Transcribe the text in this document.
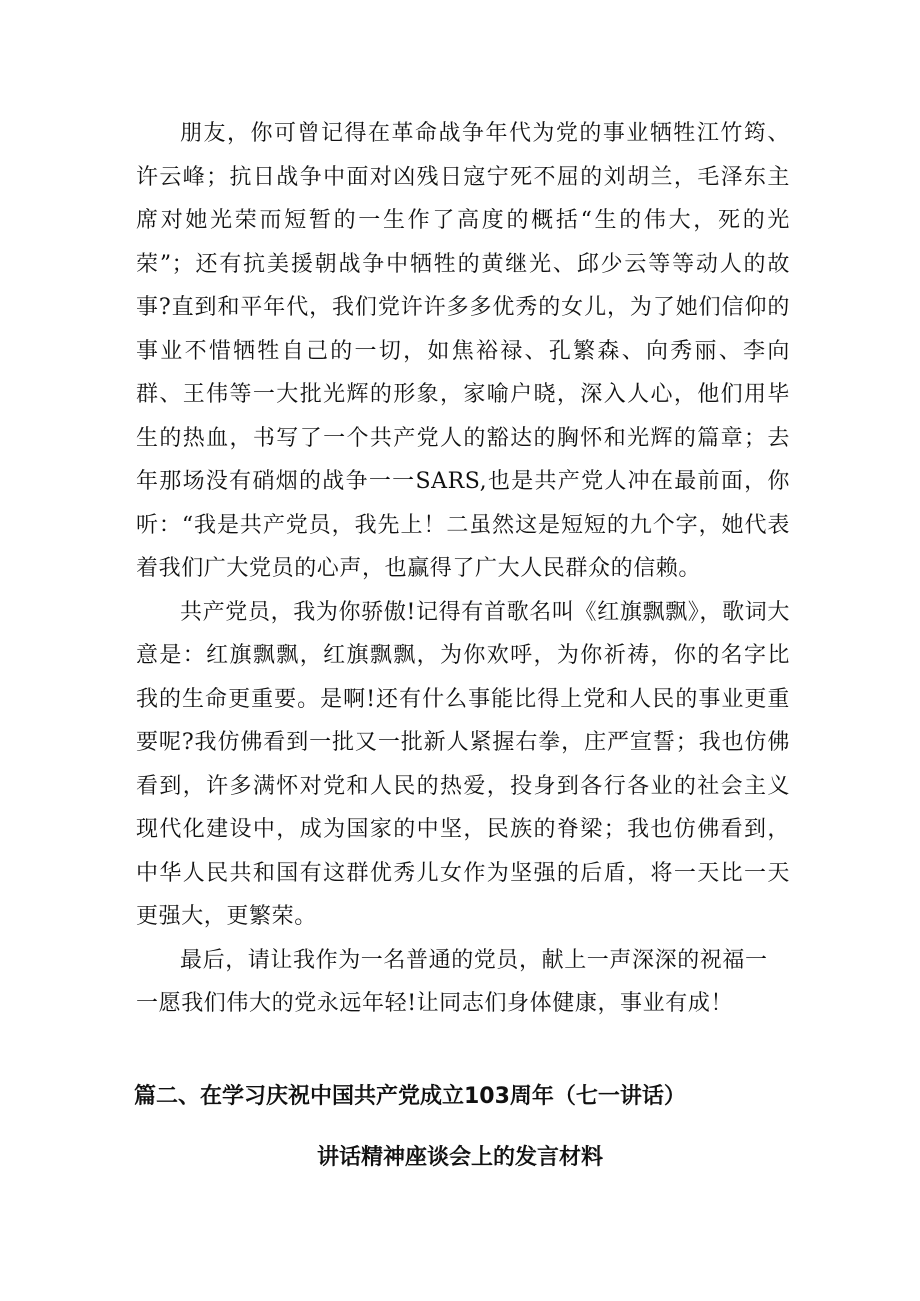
朋友，你可曾记得在革命战争年代为党的事业牺牲江竹筠、许云峰；抗日战争中面对凶残日寇宁死不屈的刘胡兰，毛泽东主席对她光荣而短暂的一生作了高度的概括“生的伟大，死的光荣”；还有抗美援朝战争中牺牲的黄继光、邱少云等等动人的故事?直到和平年代，我们党许许多多优秀的女儿，为了她们信仰的事业不惜牺牲自己的一切，如焦裕禄、孔繁森、向秀丽、李向群、王伟等一大批光辉的形象，家喻户晓，深入人心，他们用毕生的热血，书写了一个共产党人的豁达的胸怀和光辉的篇章；去年那场没有硝烟的战争一一SARS,也是共产党人冲在最前面，你听：“我是共产党员，我先上！二虽然这是短短的九个字，她代表着我们广大党员的心声，也赢得了广大人民群众的信赖。

共产党员，我为你骄傲!记得有首歌名叫《红旗飘飘》，歌词大意是：红旗飘飘，红旗飘飘，为你欢呼，为你祈祷，你的名字比我的生命更重要。是啊!还有什么事能比得上党和人民的事业更重要呢?我仿佛看到一批又一批新人紧握右拳，庄严宣誓；我也仿佛看到，许多满怀对党和人民的热爱，投身到各行各业的社会主义现代化建设中，成为国家的中坚，民族的脊梁；我也仿佛看到，中华人民共和国有这群优秀儿女作为坚强的后盾，将一天比一天更强大，更繁荣。

最后，请让我作为一名普通的党员，献上一声深深的祝福一一愿我们伟大的党永远年轻!让同志们身体健康，事业有成！

篇二、在学习庆祝中国共产党成立103周年（七一讲话）
讲话精神座谈会上的发言材料
